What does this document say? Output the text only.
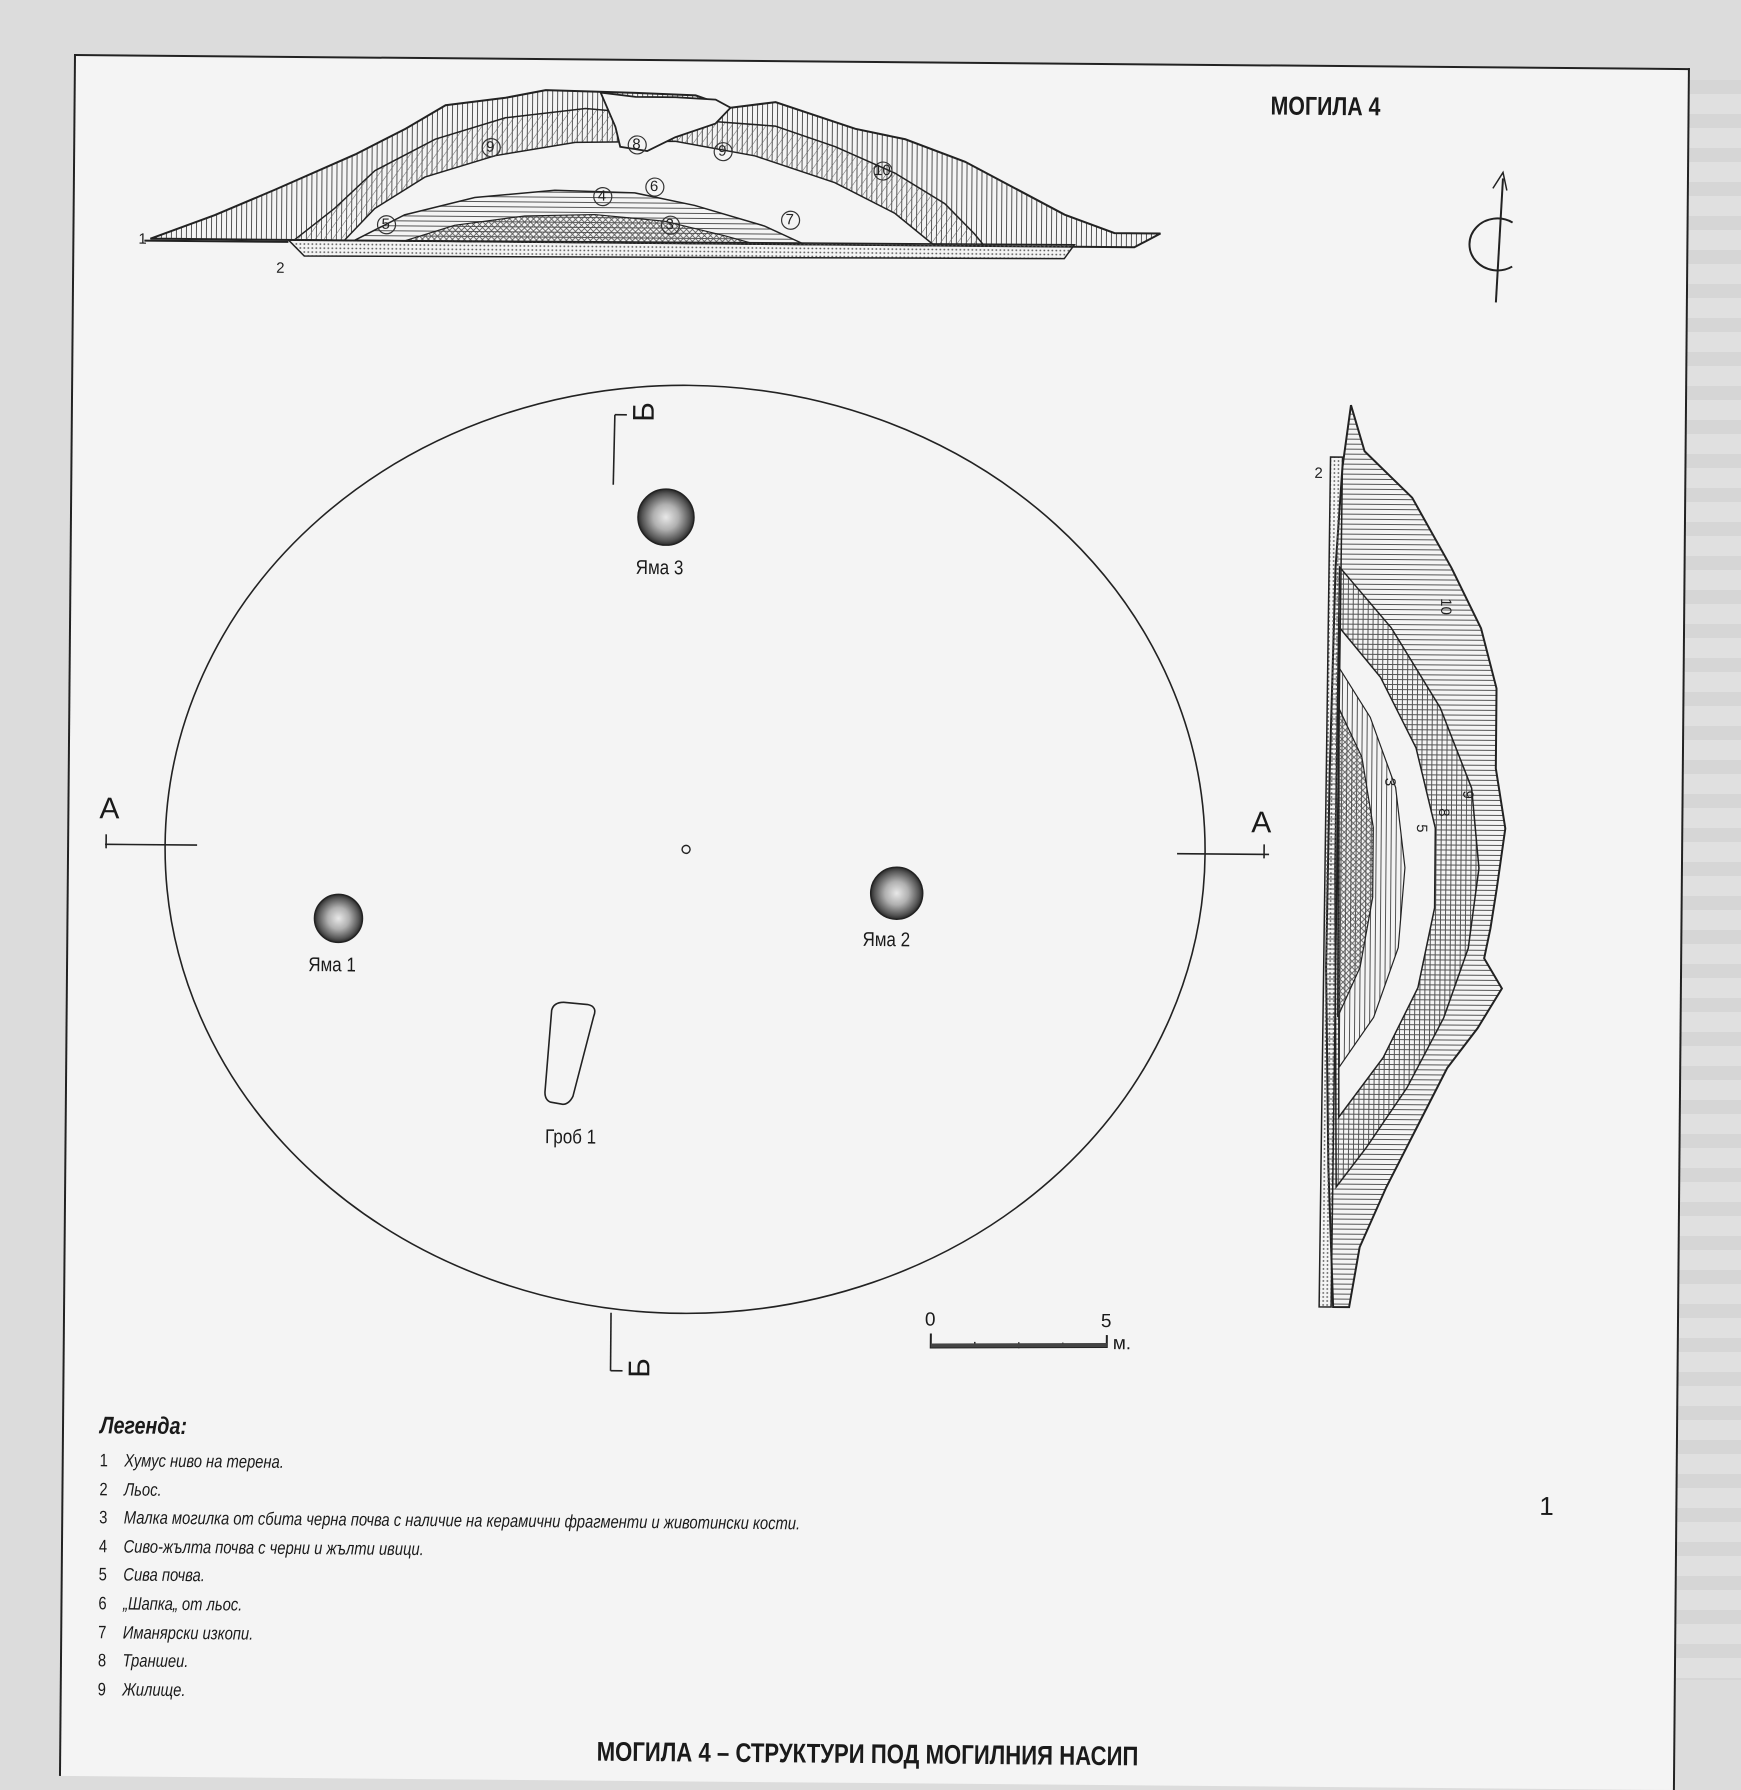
МОГИЛА 4
1
1
2
9	8	9
10
6
5
4
3	7
2
10
9
8
5
3
А	А
Б
Б
Яма 3
Яма 1
Яма 2
Гроб 1
0	5
м.
Легенда:
1 Хумус ниво на терена.
2 Льос.
3 Малка могилка от сбита черна почва с наличие на керамични фрагменти и животински кости.
4 Сиво-жълта почва с черни и жълти ивици.
5 Сива почва.
6 „Шапка„ от льос.
7 Иманярски изкопи.
8 Траншеи.
9 Жилище.
МОГИЛА 4 – СТРУКТУРИ ПОД МОГИЛНИЯ НАСИП
